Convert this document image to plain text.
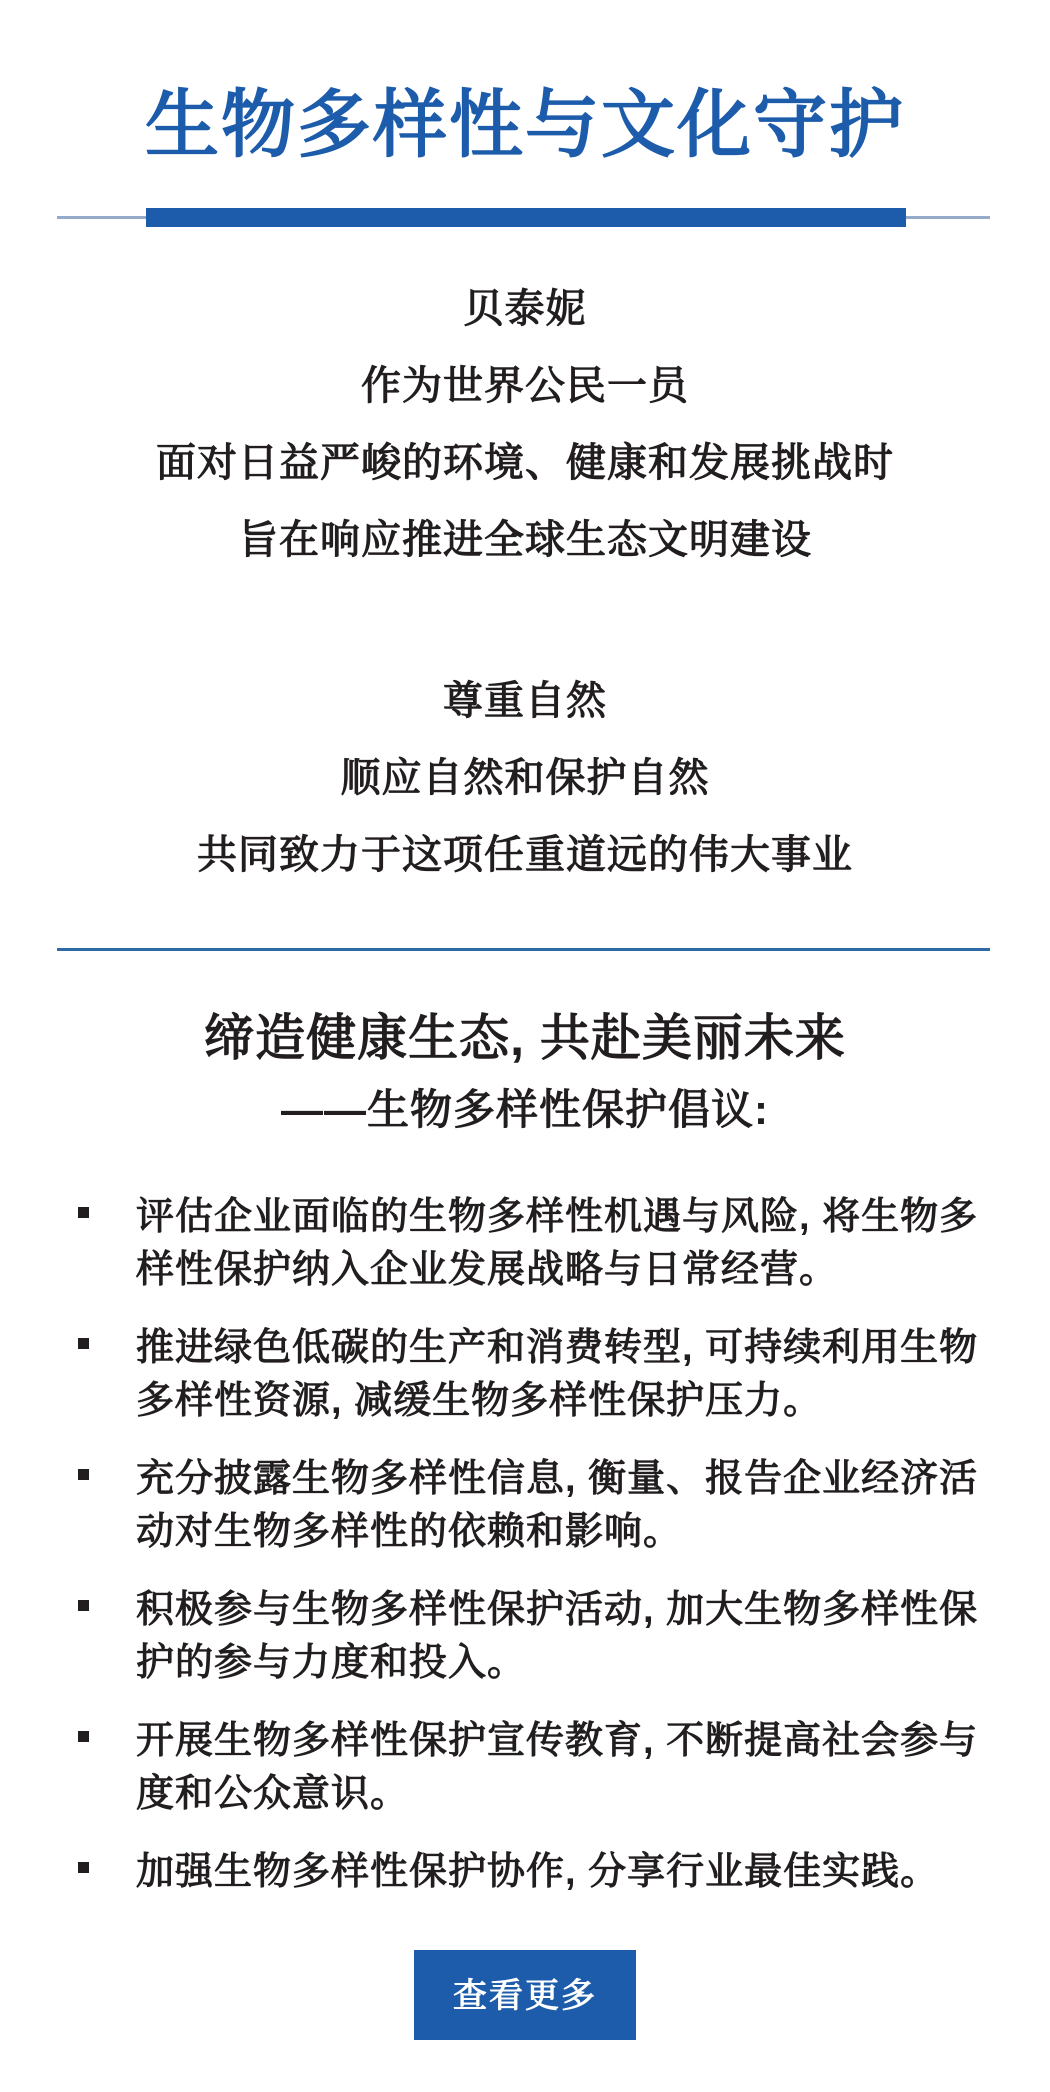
生物多样性与文化守护

贝泰妮
作为世界公民一员
面对日益严峻的环境、健康和发展挑战时
旨在响应推进全球生态文明建设

尊重自然
顺应自然和保护自然
共同致力于这项任重道远的伟大事业

缔造健康生态, 共赴美丽未来
——生物多样性保护倡议:
评估企业面临的生物多样性机遇与风险, 将生物多样性保护纳入企业发展战略与日常经营。
推进绿色低碳的生产和消费转型, 可持续利用生物多样性资源, 减缓生物多样性保护压力。
充分披露生物多样性信息, 衡量、报告企业经济活动对生物多样性的依赖和影响。
积极参与生物多样性保护活动, 加大生物多样性保护的参与力度和投入。
开展生物多样性保护宣传教育, 不断提高社会参与度和公众意识。
加强生物多样性保护协作, 分享行业最佳实践。
查看更多
